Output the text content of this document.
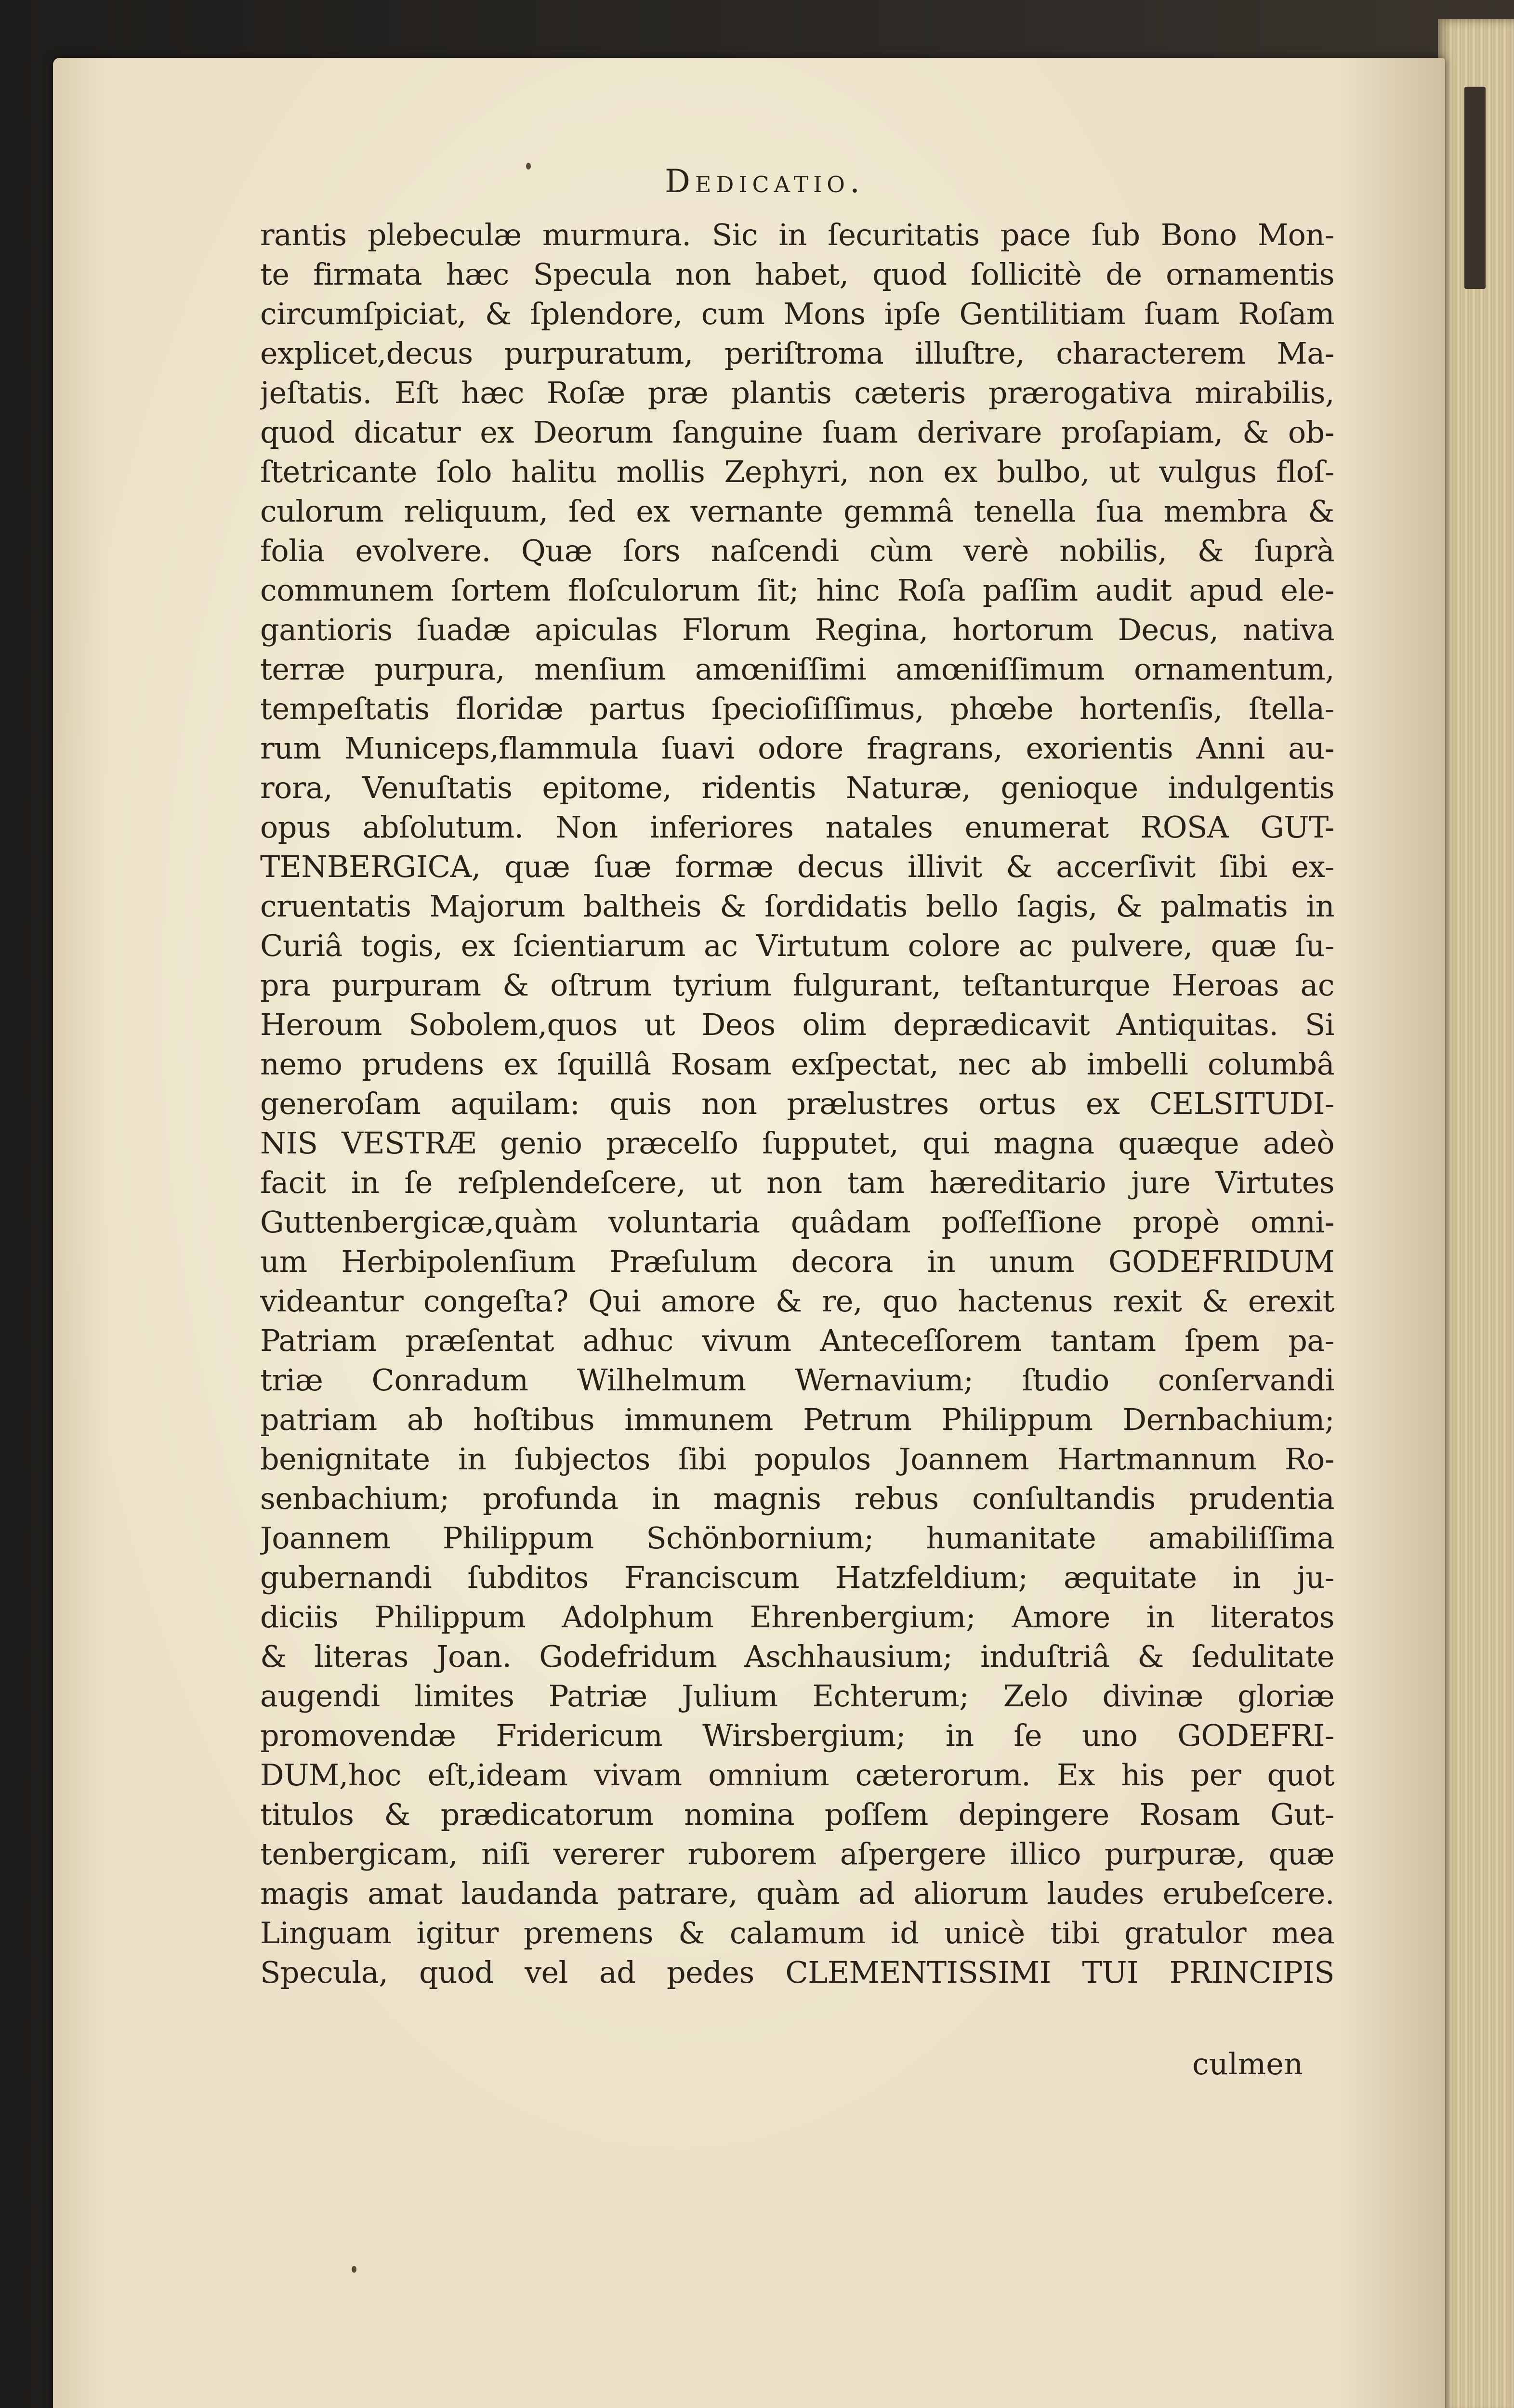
Dedicatio.
rantis plebeculæ murmura. Sic in ſecuritatis pace ſub Bono Mon-
te firmata hæc Specula non habet, quod ſollicitè de ornamentis
circumſpiciat, & ſplendore, cum Mons ipſe Gentilitiam ſuam Roſam
explicet,decus purpuratum, periſtroma illuſtre, characterem Ma-
jeſtatis. Eſt hæc Roſæ præ plantis cæteris prærogativa mirabilis,
quod dicatur ex Deorum ſanguine ſuam derivare proſapiam, & ob-
ſtetricante ſolo halitu mollis Zephyri, non ex bulbo, ut vulgus floſ-
culorum reliquum, ſed ex vernante gemmâ tenella ſua membra &
folia evolvere. Quæ ſors naſcendi cùm verè nobilis, & ſuprà
communem ſortem floſculorum ſit; hinc Roſa paſſim audit apud ele-
gantioris ſuadæ apiculas Florum Regina, hortorum Decus, nativa
terræ purpura, menſium amœniſſimi amœniſſimum ornamentum,
tempeſtatis floridæ partus ſpecioſiſſimus, phœbe hortenſis, ſtella-
rum Municeps,flammula ſuavi odore fragrans, exorientis Anni au-
rora, Venuſtatis epitome, ridentis Naturæ, genioque indulgentis
opus abſolutum. Non inferiores natales enumerat ROSA GUT-
TENBERGICA, quæ ſuæ formæ decus illivit & accerſivit ſibi ex-
cruentatis Majorum baltheis & ſordidatis bello ſagis, & palmatis in
Curiâ togis, ex ſcientiarum ac Virtutum colore ac pulvere, quæ ſu-
pra purpuram & oſtrum tyrium fulgurant, teſtanturque Heroas ac
Heroum Sobolem,quos ut Deos olim deprædicavit Antiquitas. Si
nemo prudens ex ſquillâ Rosam exſpectat, nec ab imbelli columbâ
generoſam aquilam: quis non prælustres ortus ex CELSITUDI-
NIS VESTRÆ genio præcelſo ſupputet, qui magna quæque adeò
facit in ſe reſplendeſcere, ut non tam hæreditario jure Virtutes
Guttenbergicæ,quàm voluntaria quâdam poſſeſſione propè omni-
um Herbipolenſium Præſulum decora in unum GODEFRIDUM
videantur congeſta? Qui amore & re, quo hactenus rexit & erexit
Patriam præſentat adhuc vivum Anteceſſorem tantam ſpem pa-
triæ Conradum Wilhelmum Wernavium; ſtudio conſervandi
patriam ab hoſtibus immunem Petrum Philippum Dernbachium;
benignitate in ſubjectos ſibi populos Joannem Hartmannum Ro-
senbachium; profunda in magnis rebus conſultandis prudentia
Joannem Philippum Schönbornium; humanitate amabiliſſima
gubernandi ſubditos Franciscum Hatzfeldium; æquitate in ju-
diciis Philippum Adolphum Ehrenbergium; Amore in literatos
& literas Joan. Godefridum Aschhausium; induſtriâ & ſedulitate
augendi limites Patriæ Julium Echterum; Zelo divinæ gloriæ
promovendæ Fridericum Wirsbergium; in ſe uno GODEFRI-
DUM,hoc eſt,ideam vivam omnium cæterorum. Ex his per quot
titulos & prædicatorum nomina poſſem depingere Rosam Gut-
tenbergicam, niſi vererer ruborem aſpergere illico purpuræ, quæ
magis amat laudanda patrare, quàm ad aliorum laudes erubeſcere.
Linguam igitur premens & calamum id unicè tibi gratulor mea
Specula, quod vel ad pedes CLEMENTISSIMI TUI PRINCIPIS
culmen
